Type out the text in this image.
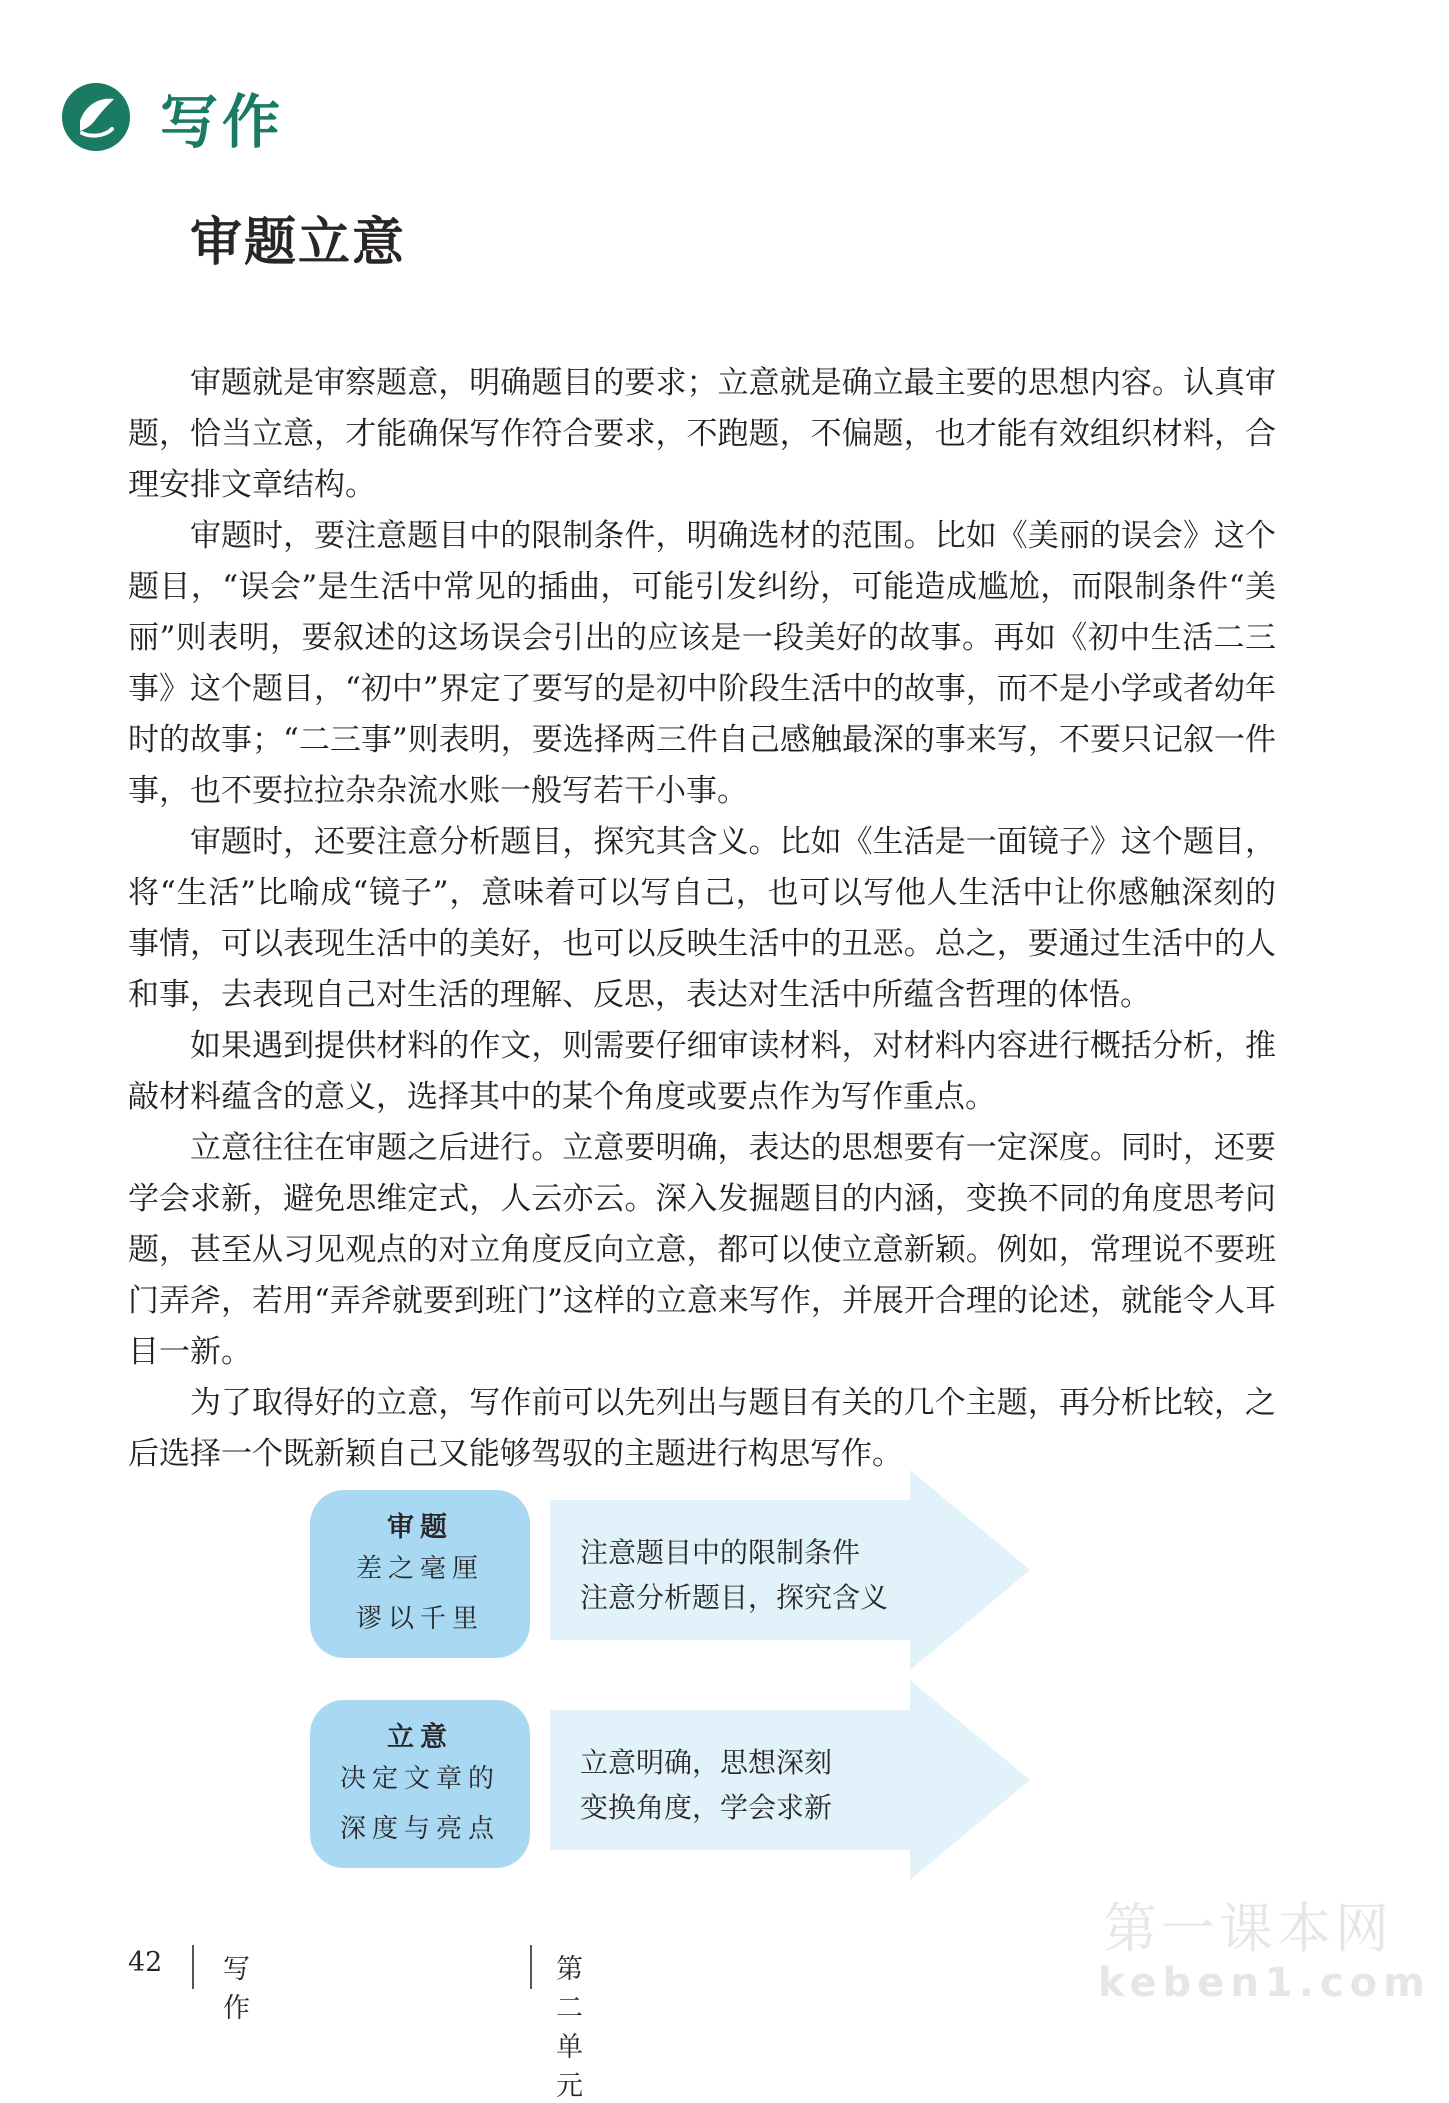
写作
审题立意

审题就是审察题意，明确题目的要求；立意就是确立最主要的思想内容。认真审题，恰当立意，才能确保写作符合要求，不跑题，不偏题，也才能有效组织材料，合理安排文章结构。

审题时，要注意题目中的限制条件，明确选材的范围。比如《美丽的误会》这个题目，“误会”是生活中常见的插曲，可能引发纠纷，可能造成尴尬，而限制条件“美丽”则表明，要叙述的这场误会引出的应该是一段美好的故事。再如《初中生活二三事》这个题目，“初中”界定了要写的是初中阶段生活中的故事，而不是小学或者幼年时的故事；“二三事”则表明，要选择两三件自己感触最深的事来写，不要只记叙一件事，也不要拉拉杂杂流水账一般写若干小事。

审题时，还要注意分析题目，探究其含义。比如《生活是一面镜子》这个题目，将“生活”比喻成“镜子”，意味着可以写自己，也可以写他人生活中让你感触深刻的事情，可以表现生活中的美好，也可以反映生活中的丑恶。总之，要通过生活中的人和事，去表现自己对生活的理解、反思，表达对生活中所蕴含哲理的体悟。

如果遇到提供材料的作文，则需要仔细审读材料，对材料内容进行概括分析，推敲材料蕴含的意义，选择其中的某个角度或要点作为写作重点。

立意往往在审题之后进行。立意要明确，表达的思想要有一定深度。同时，还要学会求新，避免思维定式，人云亦云。深入发掘题目的内涵，变换不同的角度思考问题，甚至从习见观点的对立角度反向立意，都可以使立意新颖。例如，常理说不要班门弄斧，若用“弄斧就要到班门”这样的立意来写作，并展开合理的论述，就能令人耳目一新。

为了取得好的立意，写作前可以先列出与题目有关的几个主题，再分析比较，之后选择一个既新颖自己又能够驾驭的主题进行构思写作。

审题
差之毫厘
谬以千里
注意题目中的限制条件
注意分析题目，探究含义
立意
决定文章的
深度与亮点
立意明确，思想深刻
变换角度，学会求新
42 写作
第二单元
第一课本网
keben1.com
